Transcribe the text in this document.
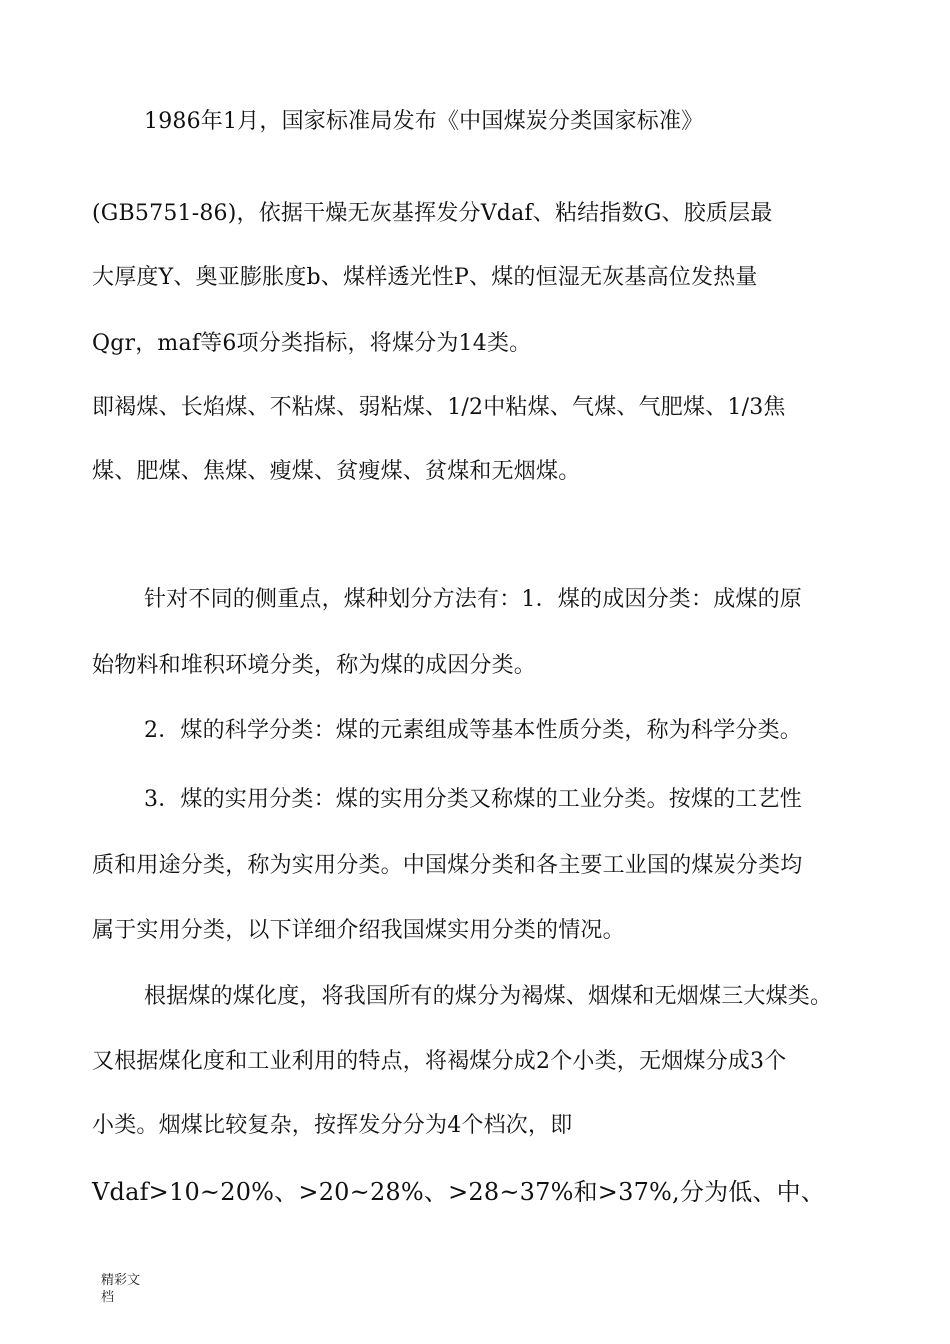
1986年1月，国家标准局发布《中国煤炭分类国家标准》
(GB5751-86)，依据干燥无灰基挥发分Vdaf、粘结指数G、胶质层最
大厚度Y、奥亚膨胀度b、煤样透光性P、煤的恒湿无灰基高位发热量
Qgr，maf等6项分类指标，将煤分为14类。
即褐煤、长焰煤、不粘煤、弱粘煤、1/2中粘煤、气煤、气肥煤、1/3焦
煤、肥煤、焦煤、瘦煤、贫瘦煤、贫煤和无烟煤。
针对不同的侧重点，煤种划分方法有：1．煤的成因分类：成煤的原
始物料和堆积环境分类，称为煤的成因分类。
2．煤的科学分类：煤的元素组成等基本性质分类，称为科学分类。
3．煤的实用分类：煤的实用分类又称煤的工业分类。按煤的工艺性
质和用途分类，称为实用分类。中国煤分类和各主要工业国的煤炭分类均
属于实用分类，以下详细介绍我国煤实用分类的情况。
根据煤的煤化度，将我国所有的煤分为褐煤、烟煤和无烟煤三大煤类。
又根据煤化度和工业利用的特点，将褐煤分成2个小类，无烟煤分成3个
小类。烟煤比较复杂，按挥发分分为4个档次，即
Vdaf>10~20%、>20~28%、>28~37%和>37%,分为低、中、
精彩文档
